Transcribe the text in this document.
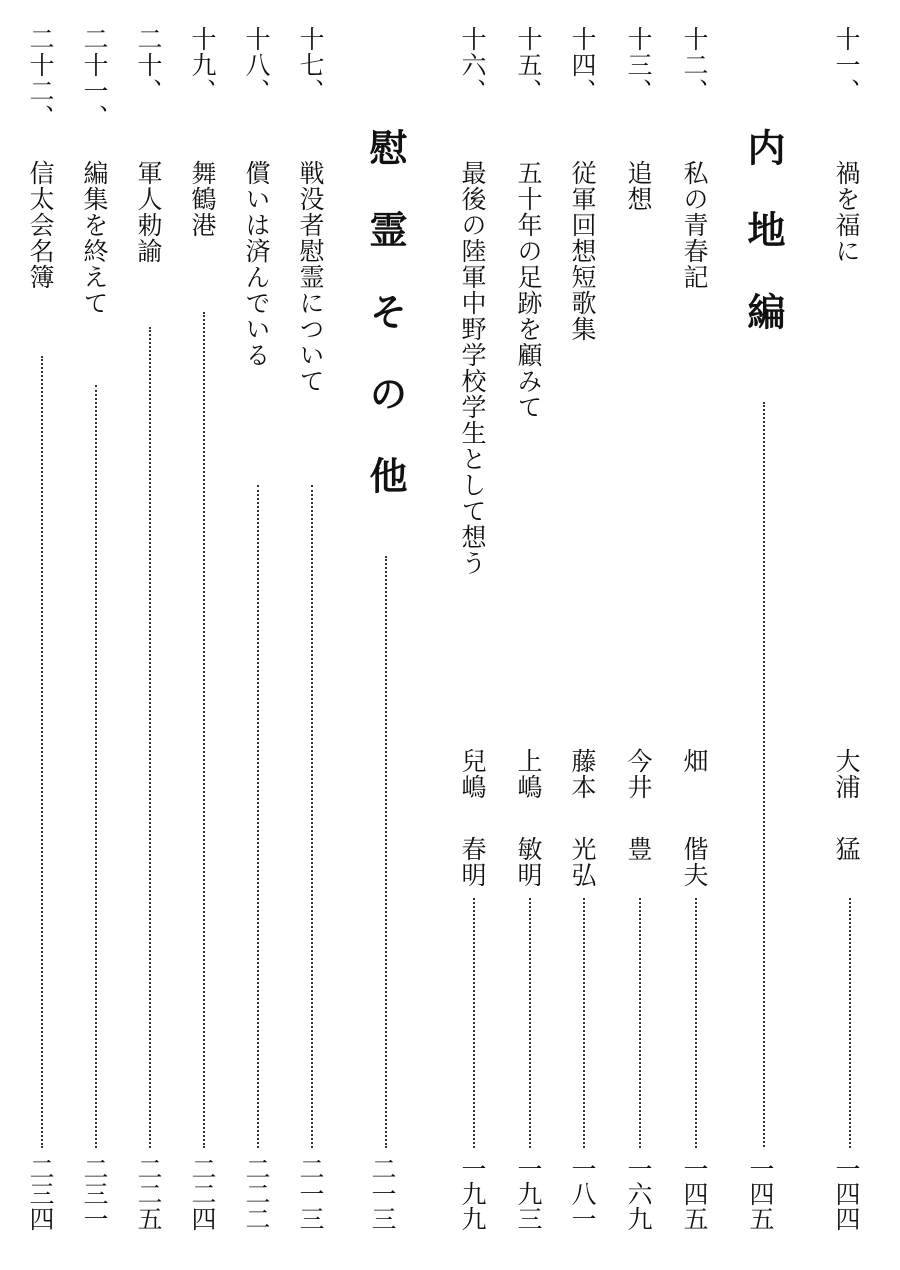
十一、
禍を福に
大浦
猛
一四四
内地編
一四五
十二、
私の青春記
畑
偕夫
一四五
十三、
追想
今井
豊
一六九
十四、
従軍回想短歌集
藤本
光弘
一八一
十五、
五十年の足跡を顧みて
上嶋
敏明
一九三
十六、
最後の陸軍中野学校学生として想う
兒嶋
春明
一九九
慰霊その他
二一三
十七、
戦没者慰霊について
二一三
十八、
償いは済んでいる
二二二
十九、
舞鶴港
二二四
二十、
軍人勅諭
二二五
二十一、
編集を終えて
二三一
二十二、
信太会名簿
二三四
